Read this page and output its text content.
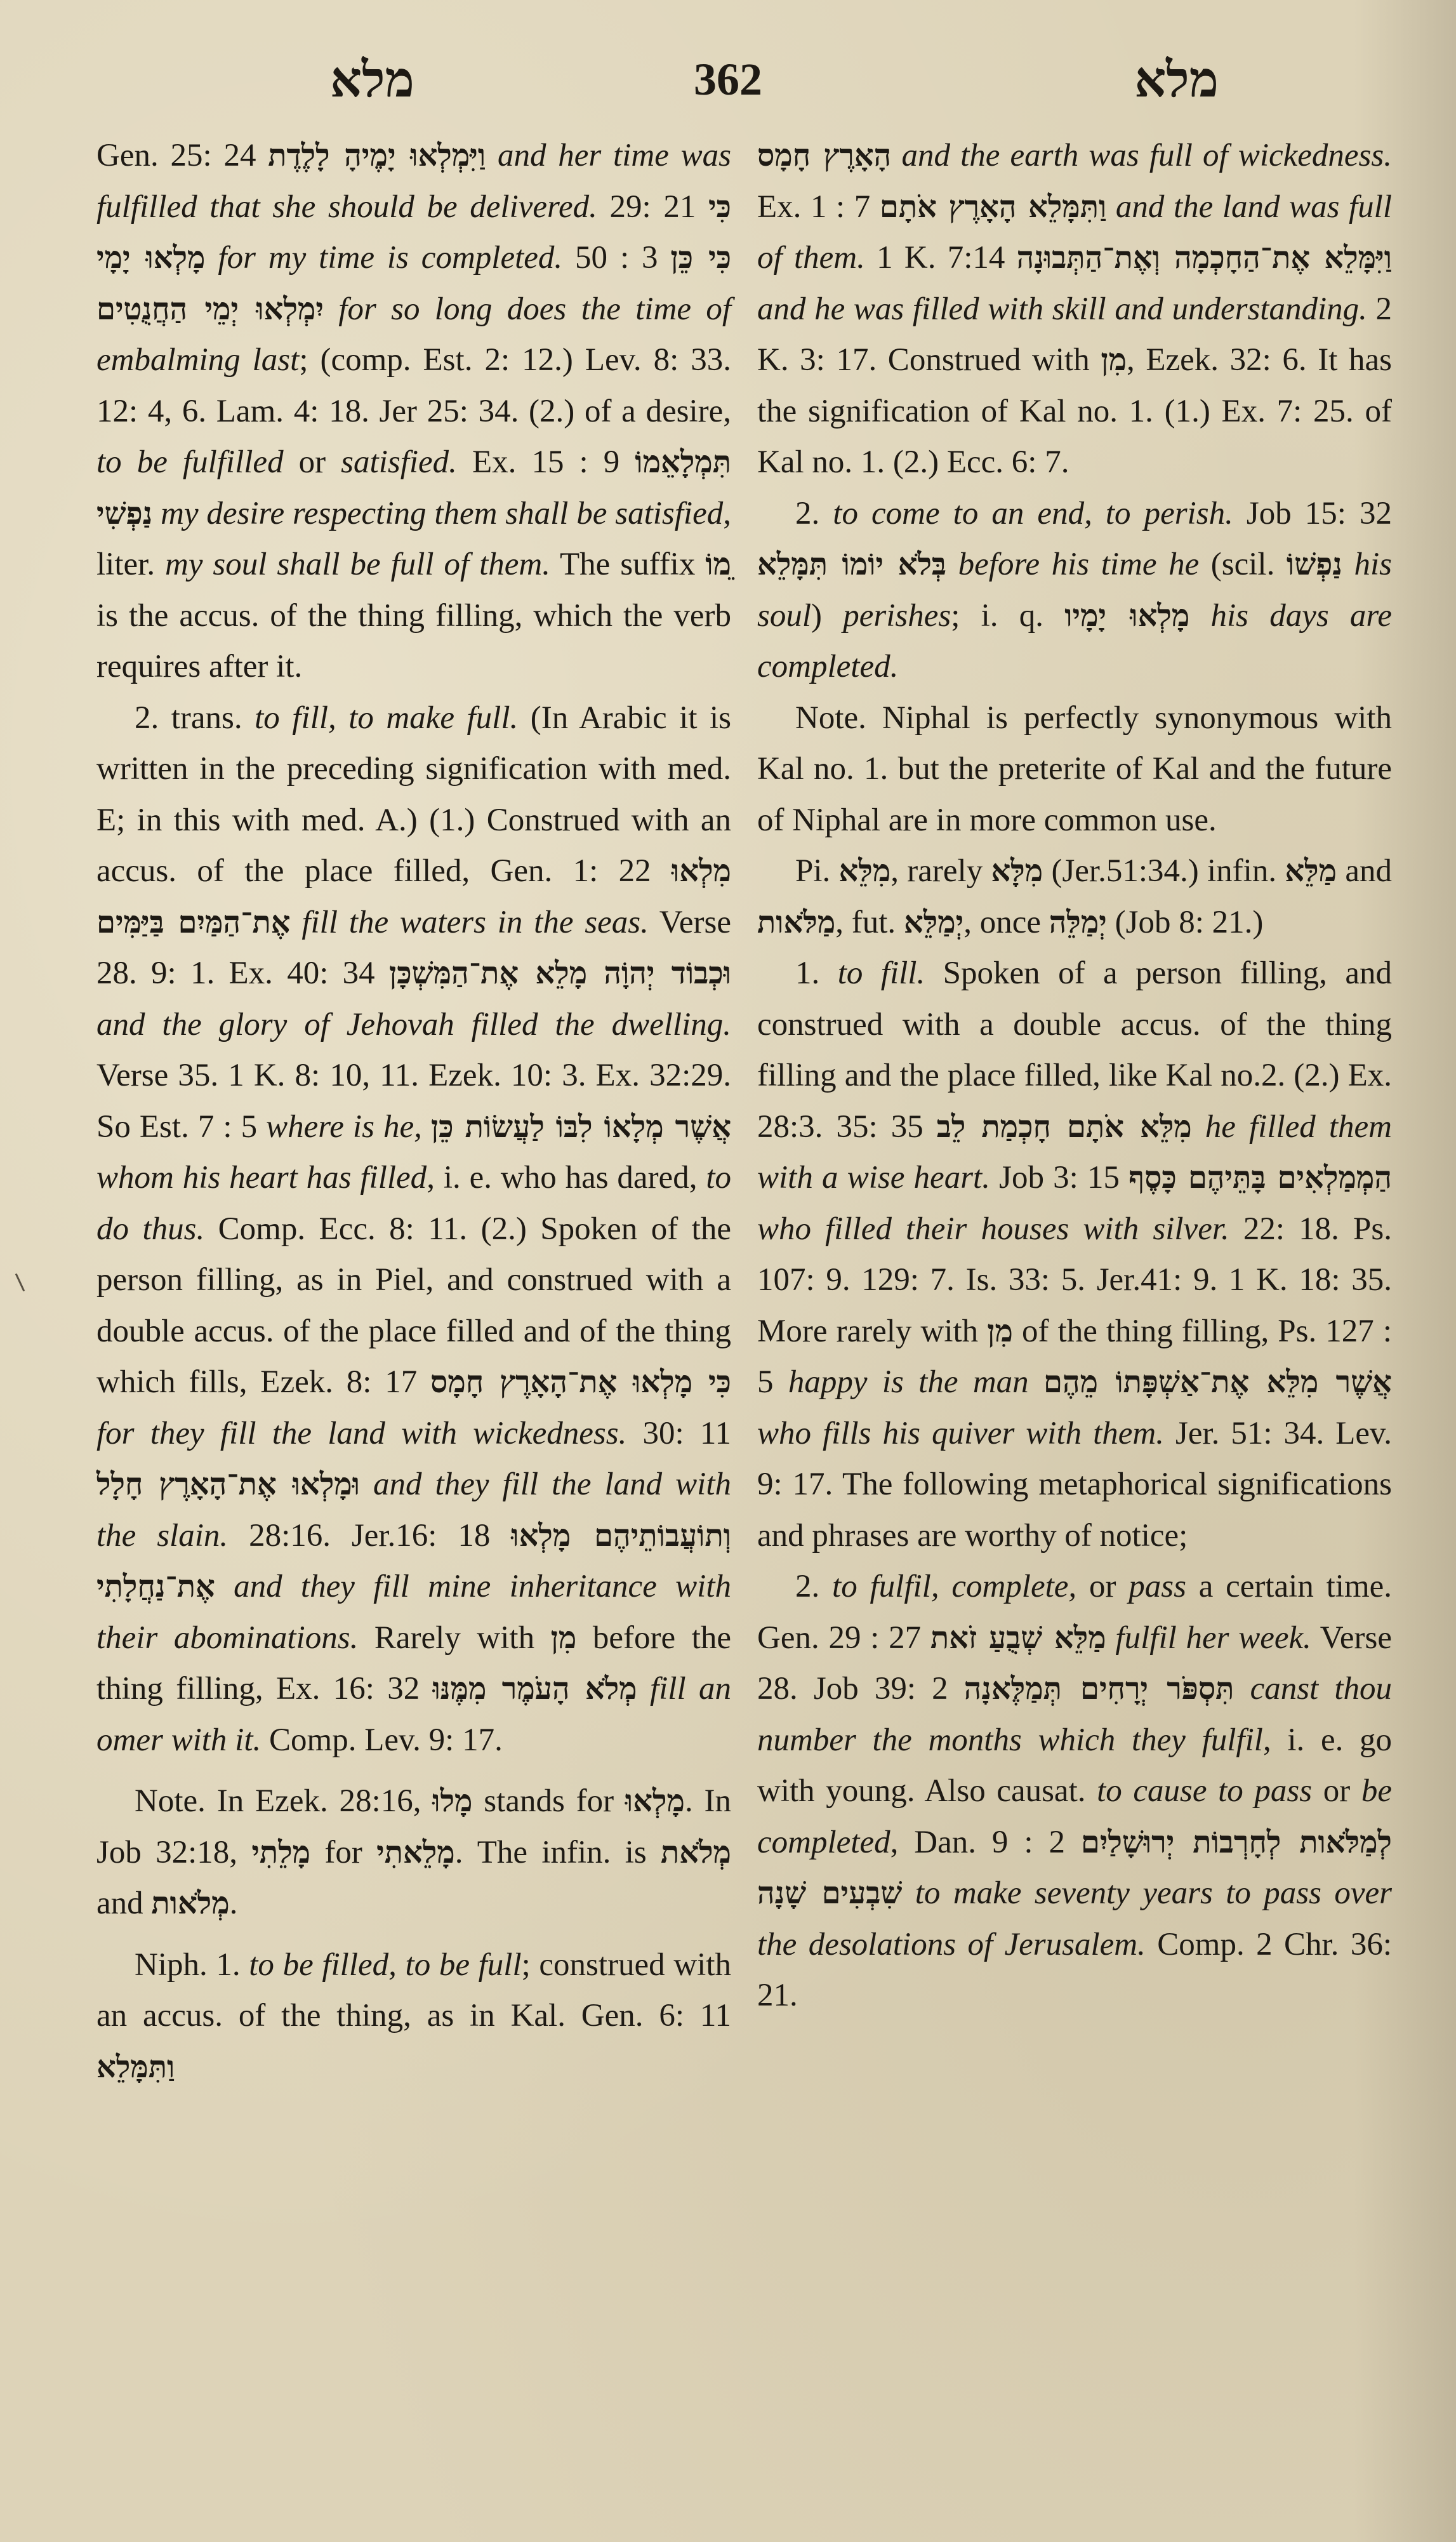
מלא	362	מלא

Gen. 25: 24 וַיִּמְלְאוּ יָמֶיהָ לָלֶדֶת and her time was fulfilled that she should be delivered. 29: 21 כִּי מָלְאוּ יָמָי for my time is completed. 50 : 3 כִּי כֵּן יִמְלְאוּ יְמֵי הַחֲנֻטִים for so long does the time of embalming last; (comp. Est. 2: 12.) Lev. 8: 33. 12: 4, 6. Lam. 4: 18. Jer 25: 34. (2.) of a desire, to be fulfilled or satisfied. Ex. 15 : 9 תִּמְלָאֵמוֹ נַפְשִׁי my desire respecting them shall be satisfied, liter. my soul shall be full of them. The suffix ֵמוֹ is the accus. of the thing filling, which the verb requires after it.

2. trans. to fill, to make full. (In Arabic it is written in the preceding signification with med. E; in this with med. A.) (1.) Construed with an accus. of the place filled, Gen. 1: 22 מִלְאוּ אֶת־הַמַּיִם בַּיַּמִּים fill the waters in the seas. Verse 28. 9: 1. Ex. 40: 34 וּכְבוֹד יְהוָֹה מָלֵא אֶת־הַמִּשְׁכָּן and the glory of Jehovah filled the dwelling. Verse 35. 1 K. 8: 10, 11. Ezek. 10: 3. Ex. 32:29. So Est. 7 : 5 where is he, אֲשֶׁר מְלָאוֹ לִבּוֹ לַעֲשׂוֹת כֵּן whom his heart has filled, i. e. who has dared, to do thus. Comp. Ecc. 8: 11. (2.) Spoken of the person filling, as in Piel, and construed with a double accus. of the place filled and of the thing which fills, Ezek. 8: 17 כִּי מָלְאוּ אֶת־הָאָרֶץ חָמָס for they fill the land with wickedness. 30: 11 וּמָלְאוּ אֶת־הָאָרֶץ חָלָל and they fill the land with the slain. 28:16. Jer.16: 18 וְתוֹעֲבוֹתֵיהֶם מָלְאוּ אֶת־נַחֲלָתִי and they fill mine inheritance with their abominations. Rarely with מִן before the thing filling, Ex. 16: 32 מְלֹא הָעֹמֶר מִמֶּנּוּ fill an omer with it. Comp. Lev. 9: 17.

Note. In Ezek. 28:16, מָלוּ stands for מָלְאוּ. In Job 32:18, מָלֵתִי for מָלֵאתִי. The infin. is מְלֹאת and מְלֹאות.

Niph. 1. to be filled, to be full; construed with an accus. of the thing, as in Kal. Gen. 6: 11 וַתִּמָּלֵא

הָאָרֶץ חָמָס and the earth was full of wickedness. Ex. 1 : 7 וַתִּמָּלֵא הָאָרֶץ אֹתָם and the land was full of them. 1 K. 7:14 וַיִּמָּלֵא אֶת־הַחָכְמָה וְאֶת־הַתְּבוּנָה and he was filled with skill and understanding. 2 K. 3: 17. Construed with מִן, Ezek. 32: 6. It has the signification of Kal no. 1. (1.) Ex. 7: 25. of Kal no. 1. (2.) Ecc. 6: 7.

2. to come to an end, to perish. Job 15: 32 בְּלֹא יוֹמוֹ תִּמָּלֵא before his time he (scil. נַפְשׁוֹ his soul) perishes; i. q. מָלְאוּ יָמָיו his days are completed.

Note. Niphal is perfectly synonymous with Kal no. 1. but the preterite of Kal and the future of Niphal are in more common use.

Pi. מִלֵּא, rarely מִלָּא (Jer.51:34.) infin. מַלֵּא and מַלֹּאות, fut. יְמַלֵּא, once יְמַלֵּה (Job 8: 21.)

1. to fill. Spoken of a person filling, and construed with a double accus. of the thing filling and the place filled, like Kal no.2. (2.) Ex. 28:3. 35: 35 מִלֵּא אֹתָם חָכְמַת לֵב he filled them with a wise heart. Job 3: 15 הַמְמַלְאִים בָּתֵּיהֶם כָּסֶף who filled their houses with silver. 22: 18. Ps. 107: 9. 129: 7. Is. 33: 5. Jer.41: 9. 1 K. 18: 35. More rarely with מִן of the thing filling, Ps. 127 : 5 happy is the man אֲשֶׁר מִלֵּא אֶת־אַשְׁפָּתוֹ מֵהֶם who fills his quiver with them. Jer. 51: 34. Lev. 9: 17. The following metaphorical significations and phrases are worthy of notice;

2. to fulfil, complete, or pass a certain time. Gen. 29 : 27 מַלֵּא שְׁבֻעַ זֹאת fulfil her week. Verse 28. Job 39: 2 תִּסְפֹּר יְרָחִים תְּמַלֶּאנָה canst thou number the months which they fulfil, i. e. go with young. Also causat. to cause to pass or be completed, Dan. 9 : 2 לְמַלֹּאות לְחָרְבוֹת יְרוּשָׁלַיִם שִׁבְעִים שָׁנָה to make seventy years to pass over the desolations of Jerusalem. Comp. 2 Chr. 36: 21.
